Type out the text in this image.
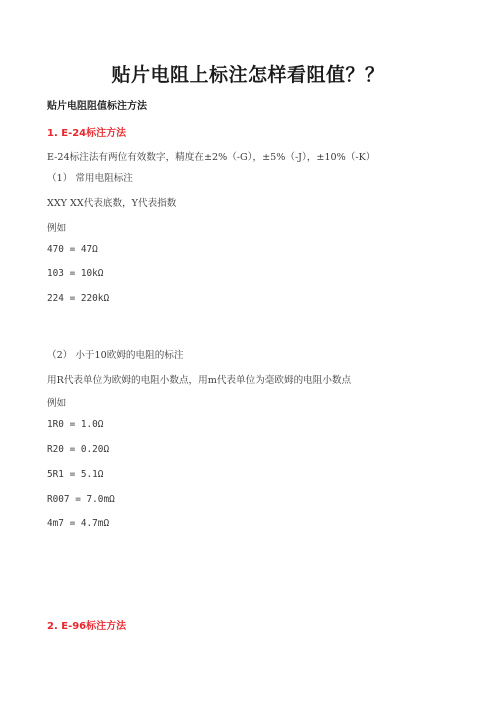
贴片电阻上标注怎样看阻值？？
贴片电阻阻值标注方法
1. E-24标注方法
E-24标注法有两位有效数字，精度在±2%（-G），±5%（-J），±10%（-K）
（1） 常用电阻标注
XXY XX代表底数，Y代表指数
例如
470 = 47Ω
103 = 10kΩ
224 = 220kΩ
（2） 小于10欧姆的电阻的标注
用R代表单位为欧姆的电阻小数点，用m代表单位为毫欧姆的电阻小数点
例如
1R0 = 1.0Ω
R20 = 0.20Ω
5R1 = 5.1Ω
R007 = 7.0mΩ
4m7 = 4.7mΩ
2. E-96标注方法
